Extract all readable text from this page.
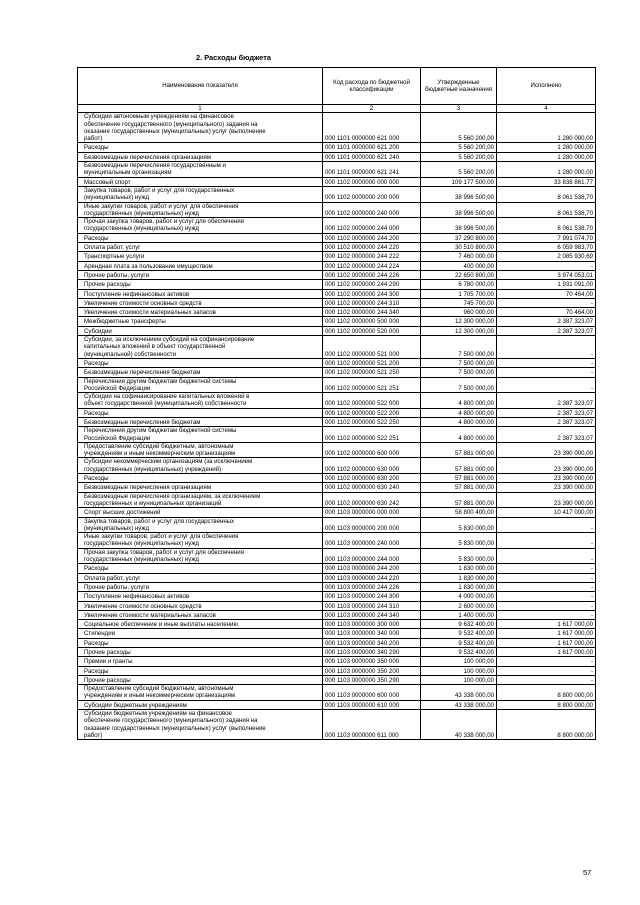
2. Расходы бюджета
Наименование показателя	Код расхода по бюджетной классификации	Утвержденные бюджетные назначения	Исполнено
1	2	3	4

Субсидии автономным учреждениям на финансовое
обеспечение государственного (муниципального) задания на
оказание государственных (муниципальных) услуг (выполнение
работ)	000 1101 0000000 621 000	5 560 200,00	1 280 000,00

Расходы	000 1101 0000000 621 200	5 560 200,00	1 280 000,00

Безвозмездные перечисления организациям	000 1101 0000000 621 240	5 560 200,00	1 280 000,00

Безвозмездные перечисления государственным и
муниципальным организациям	000 1101 0000000 621 241	5 560 200,00	1 280 000,00

Массовый спорт	000 1102 0000000 000 000	109 177 500,00	33 838 861,77

Закупка товаров, работ и услуг для государственных
(муниципальных) нужд	000 1102 0000000 200 000	38 996 500,00	8 061 538,70

Иные закупки товаров, работ и услуг для обеспечения
государственных (муниципальных) нужд	000 1102 0000000 240 000	38 996 500,00	8 061 538,70

Прочая закупка товаров, работ и услуг для обеспечения
государственных (муниципальных) нужд	000 1102 0000000 244 000	38 996 500,00	8 061 538,70

Расходы	000 1102 0000000 244 200	37 290 800,00	7 991 074,70

Оплата работ, услуг	000 1102 0000000 244 220	30 510 800,00	6 059 983,70

Транспортные услуги	000 1102 0000000 244 222	7 460 000,00	2 085 930,69

Арендная плата за пользование имуществом	000 1102 0000000 244 224	400 000,00	-

Прочие работы, услуги	000 1102 0000000 244 226	22 650 800,00	3 974 053,01

Прочие расходы	000 1102 0000000 244 290	6 780 000,00	1 931 091,00

Поступление нефинансовых активов	000 1102 0000000 244 300	1 705 700,00	70 464,00

Увеличение стоимости основных средств	000 1102 0000000 244 310	745 700,00	-

Увеличение стоимости материальных запасов	000 1102 0000000 244 340	960 000,00	70 464,00

Межбюджетные трансферты	000 1102 0000000 500 000	12 300 000,00	2 387 323,07

Субсидии	000 1102 0000000 520 000	12 300 000,00	2 387 323,07

Субсидии, за исключением субсидий на софинансирование
капитальных вложений в объект государственной
(муниципальной) собственности	000 1102 0000000 521 000	7 500 000,00	-

Расходы	000 1102 0000000 521 200	7 500 000,00	-

Безвозмездные перечисления бюджетам	000 1102 0000000 521 250	7 500 000,00	-

Перечисления другим бюджетам бюджетной системы
Российской Федерации	000 1102 0000000 521 251	7 500 000,00	-

Субсидии на софинансирование капитальных вложений в
объект государственной (муниципальной) собственности	000 1102 0000000 522 000	4 800 000,00	2 387 323,07

Расходы	000 1102 0000000 522 200	4 800 000,00	2 387 323,07

Безвозмездные перечисления бюджетам	000 1102 0000000 522 250	4 800 000,00	2 387 323,07

Перечисления другим бюджетам бюджетной системы
Российской Федерации	000 1102 0000000 522 251	4 800 000,00	2 387 323,07

Предоставление субсидий бюджетным, автономным
учреждениям и иным некоммерческим организациям	000 1102 0000000 600 000	57 881 000,00	23 390 000,00

Субсидии некоммерческим организациям (за исключением
государственных (муниципальных) учреждений)	000 1102 0000000 630 000	57 881 000,00	23 390 000,00

Расходы	000 1102 0000000 630 200	57 881 000,00	23 390 000,00

Безвозмездные перечисления организациям	000 1102 0000000 630 240	57 881 000,00	23 390 000,00

Безвозмездные перечисления организациям, за исключением
государственных и муниципальных организаций	000 1102 0000000 630 242	57 881 000,00	23 390 000,00

Спорт высших достижений	000 1103 0000000 000 000	58 800 400,00	10 417 000,00

Закупка товаров, работ и услуг для государственных
(муниципальных) нужд	000 1103 0000000 200 000	5 830 000,00	-

Иные закупки товаров, работ и услуг для обеспечения
государственных (муниципальных) нужд	000 1103 0000000 240 000	5 830 000,00	-

Прочая закупка товаров, работ и услуг для обеспечения
государственных (муниципальных) нужд	000 1103 0000000 244 000	5 830 000,00	-

Расходы	000 1103 0000000 244 200	1 830 000,00	-

Оплата работ, услуг	000 1103 0000000 244 220	1 830 000,00	-

Прочие работы, услуги	000 1103 0000000 244 226	1 830 000,00	-

Поступление нефинансовых активов	000 1103 0000000 244 300	4 000 000,00	-

Увеличение стоимости основных средств	000 1103 0000000 244 310	2 600 000,00	-

Увеличение стоимости материальных запасов	000 1103 0000000 244 340	1 400 000,00	-

Социальное обеспечение и иные выплаты населению	000 1103 0000000 300 000	9 632 400,00	1 617 000,00

Стипендии	000 1103 0000000 340 000	9 532 400,00	1 617 000,00

Расходы	000 1103 0000000 340 200	9 532 400,00	1 617 000,00

Прочие расходы	000 1103 0000000 340 290	9 532 400,00	1 617 000,00

Премии и гранты	000 1103 0000000 350 000	100 000,00	-

Расходы	000 1103 0000000 350 200	100 000,00	-

Прочие расходы	000 1103 0000000 350 290	100 000,00	-

Предоставление субсидий бюджетным, автономным
учреждениям и иным некоммерческим организациям	000 1103 0000000 600 000	43 338 000,00	8 800 000,00

Субсидии бюджетным учреждениям	000 1103 0000000 610 000	43 338 000,00	8 800 000,00

Субсидии бюджетным учреждениям на финансовое
обеспечение государственного (муниципального) задания на
оказание государственных (муниципальных) услуг (выполнение
работ)	000 1103 0000000 611 000	40 338 000,00	8 800 000,00
57
